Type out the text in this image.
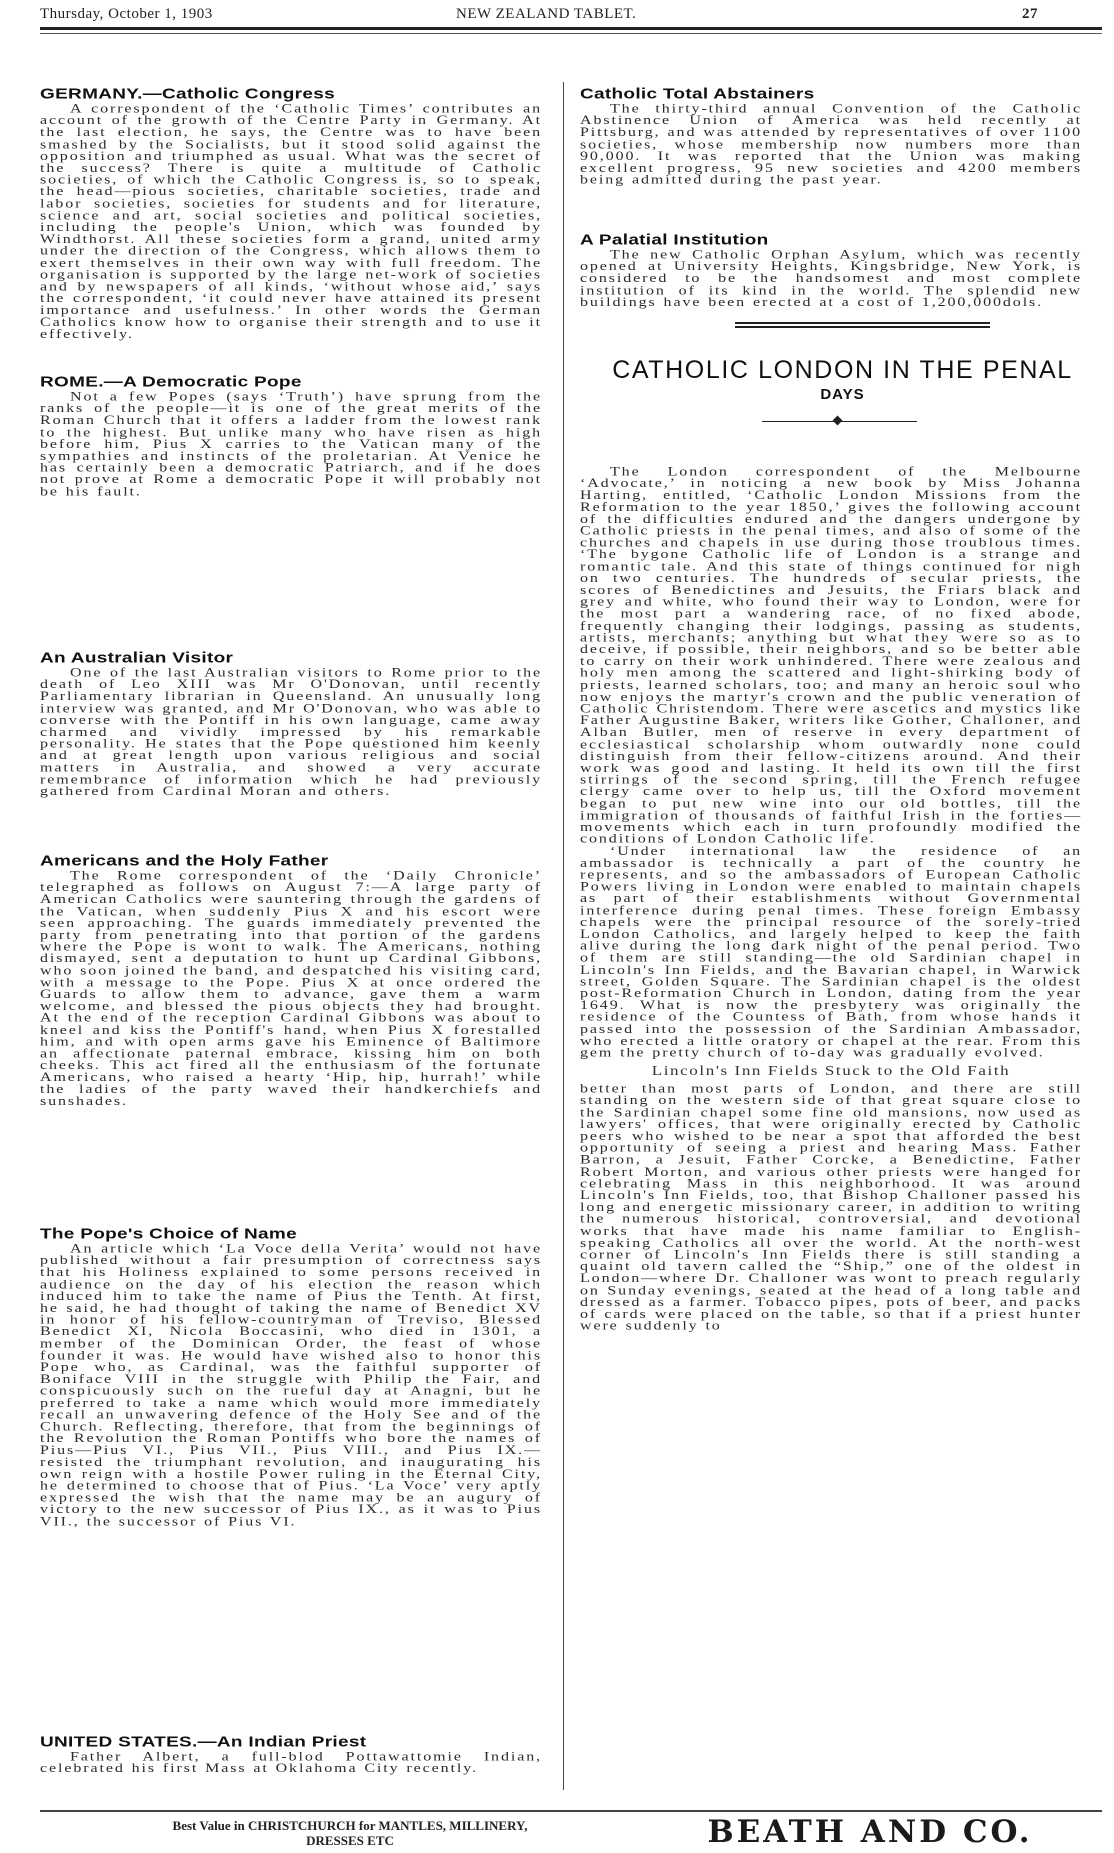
Thursday, October 1, 1903	NEW ZEALAND TABLET.	27
GERMANY.—Catholic Congress

A correspondent of the ‘Catholic Times’ contributes an account of the growth of the Centre Party in Germany. At the last election, he says, the Centre was to have been smashed by the Socialists, but it stood solid against the opposition and triumphed as usual. What was the secret of the success? There is quite a multitude of Catholic societies, of which the Catholic Congress is, so to speak, the head—pious societies, charitable societies, trade and labor societies, societies for students and for literature, science and art, social societies and political societies, including the people's Union, which was founded by Windthorst. All these societies form a grand, united army under the direction of the Congress, which allows them to exert themselves in their own way with full freedom. The organisation is supported by the large net-work of societies and by newspapers of all kinds, ‘without whose aid,’ says the correspondent, ‘it could never have attained its present importance and usefulness.’ In other words the German Catholics know how to organise their strength and to use it effectively.

ROME.—A Democratic Pope

Not a few Popes (says ‘Truth’) have sprung from the ranks of the people—it is one of the great merits of the Roman Church that it offers a ladder from the lowest rank to the highest. But unlike many who have risen as high before him, Pius X carries to the Vatican many of the sympathies and instincts of the proletarian. At Venice he has certainly been a democratic Patriarch, and if he does not prove at Rome a democratic Pope it will probably not be his fault.

An Australian Visitor

One of the last Australian visitors to Rome prior to the death of Leo XIII was Mr O'Donovan, until recently Parliamentary librarian in Queensland. An unusually long interview was granted, and Mr O'Donovan, who was able to converse with the Pontiff in his own language, came away charmed and vividly impressed by his remarkable personality. He states that the Pope questioned him keenly and at great length upon various religious and social matters in Australia, and showed a very accurate remembrance of information which he had previously gathered from Cardinal Moran and others.

Americans and the Holy Father

The Rome correspondent of the ‘Daily Chronicle’ telegraphed as follows on August 7:—A large party of American Catholics were sauntering through the gardens of the Vatican, when suddenly Pius X and his escort were seen approaching. The guards immediately prevented the party from penetrating into that portion of the gardens where the Pope is wont to walk. The Americans, nothing dismayed, sent a deputation to hunt up Cardinal Gibbons, who soon joined the band, and despatched his visiting card, with a message to the Pope. Pius X at once ordered the Guards to allow them to advance, gave them a warm welcome, and blessed the pious objects they had brought. At the end of the reception Cardinal Gibbons was about to kneel and kiss the Pontiff's hand, when Pius X forestalled him, and with open arms gave his Eminence of Baltimore an affectionate paternal embrace, kissing him on both cheeks. This act fired all the enthusiasm of the fortunate Americans, who raised a hearty ‘Hip, hip, hurrah!’ while the ladies of the party waved their handkerchiefs and sunshades.

The Pope's Choice of Name

An article which ‘La Voce della Verita’ would not have published without a fair presumption of correctness says that his Holiness explained to some persons received in audience on the day of his election the reason which induced him to take the name of Pius the Tenth. At first, he said, he had thought of taking the name of Benedict XV in honor of his fellow-countryman of Treviso, Blessed Benedict XI, Nicola Boccasini, who died in 1301, a member of the Dominican Order, the feast of whose founder it was. He would have wished also to honor this Pope who, as Cardinal, was the faithful supporter of Boniface VIII in the struggle with Philip the Fair, and conspicuously such on the rueful day at Anagni, but he preferred to take a name which would more immediately recall an unwavering defence of the Holy See and of the Church. Reflecting, therefore, that from the beginnings of the Revolution the Roman Pontiffs who bore the names of Pius—Pius VI., Pius VII., Pius VIII., and Pius IX.—resisted the triumphant revolution, and inaugurating his own reign with a hostile Power ruling in the Eternal City, he determined to choose that of Pius. ‘La Voce’ very aptly expressed the wish that the name may be an augury of victory to the new successor of Pius IX., as it was to Pius VII., the successor of Pius VI.

UNITED STATES.—An Indian Priest

Father Albert, a full-blod Pottawattomie Indian, celebrated his first Mass at Oklahoma City recently.

Catholic Total Abstainers

The thirty-third annual Convention of the Catholic Abstinence Union of America was held recently at Pittsburg, and was attended by representatives of over 1100 societies, whose membership now numbers more than 90,000. It was reported that the Union was making excellent progress, 95 new societies and 4200 members being admitted during the past year.

A Palatial Institution

The new Catholic Orphan Asylum, which was recently opened at University Heights, Kingsbridge, New York, is considered to be the handsomest and most complete institution of its kind in the world. The splendid new buildings have been erected at a cost of 1,200,000dols.

CATHOLIC LONDON IN THE PENAL
DAYS

The London correspondent of the Melbourne ‘Advocate,’ in noticing a new book by Miss Johanna Harting, entitled, ‘Catholic London Missions from the Reformation to the year 1850,’ gives the following account of the difficulties endured and the dangers undergone by Catholic priests in the penal times, and also of some of the churches and chapels in use during those troublous times. ‘The bygone Catholic life of London is a strange and romantic tale. And this state of things continued for nigh on two centuries. The hundreds of secular priests, the scores of Benedictines and Jesuits, the Friars black and grey and white, who found their way to London, were for the most part a wandering race, of no fixed abode, frequently changing their lodgings, passing as students, artists, merchants; anything but what they were so as to deceive, if possible, their neighbors, and so be better able to carry on their work unhindered. There were zealous and holy men among the scattered and light-shirking body of priests, learned scholars, too; and many an heroic soul who now enjoys the martyr's crown and the public veneration of Catholic Christendom. There were ascetics and mystics like Father Augustine Baker, writers like Gother, Challoner, and Alban Butler, men of reserve in every department of ecclesiastical scholarship whom outwardly none could distinguish from their fellow-citizens around. And their work was good and lasting. It held its own till the first stirrings of the second spring, till the French refugee clergy came over to help us, till the Oxford movement began to put new wine into our old bottles, till the immigration of thousands of faithful Irish in the forties—movements which each in turn profoundly modified the conditions of London Catholic life.

‘Under international law the residence of an ambassador is technically a part of the country he represents, and so the ambassadors of European Catholic Powers living in London were enabled to maintain chapels as part of their establishments without Governmental interference during penal times. These foreign Embassy chapels were the principal resource of the sorely-tried London Catholics, and largely helped to keep the faith alive during the long dark night of the penal period. Two of them are still standing—the old Sardinian chapel in Lincoln's Inn Fields, and the Bavarian chapel, in Warwick street, Golden Square. The Sardinian chapel is the oldest post-Reformation Church in London, dating from the year 1649. What is now the presbytery was originally the residence of the Countess of Bath, from whose hands it passed into the possession of the Sardinian Ambassador, who erected a little oratory or chapel at the rear. From this gem the pretty church of to-day was gradually evolved.

Lincoln's Inn Fields Stuck to the Old Faith

better than most parts of London, and there are still standing on the western side of that great square close to the Sardinian chapel some fine old mansions, now used as lawyers' offices, that were originally erected by Catholic peers who wished to be near a spot that afforded the best opportunity of seeing a priest and hearing Mass. Father Barron, a Jesuit, Father Corcke, a Benedictine, Father Robert Morton, and various other priests were hanged for celebrating Mass in this neighborhood. It was around Lincoln's Inn Fields, too, that Bishop Challoner passed his long and energetic missionary career, in addition to writing the numerous historical, controversial, and devotional works that have made his name familiar to English-speaking Catholics all over the world. At the north-west corner of Lincoln's Inn Fields there is still standing a quaint old tavern called the “Ship,” one of the oldest in London—where Dr. Challoner was wont to preach regularly on Sunday evenings, seated at the head of a long table and dressed as a farmer. Tobacco pipes, pots of beer, and packs of cards were placed on the table, so that if a priest hunter were suddenly to

Best Value in CHRISTCHURCH for MANTLES, MILLINERY,
DRESSES ETC	BEATH AND CO.
